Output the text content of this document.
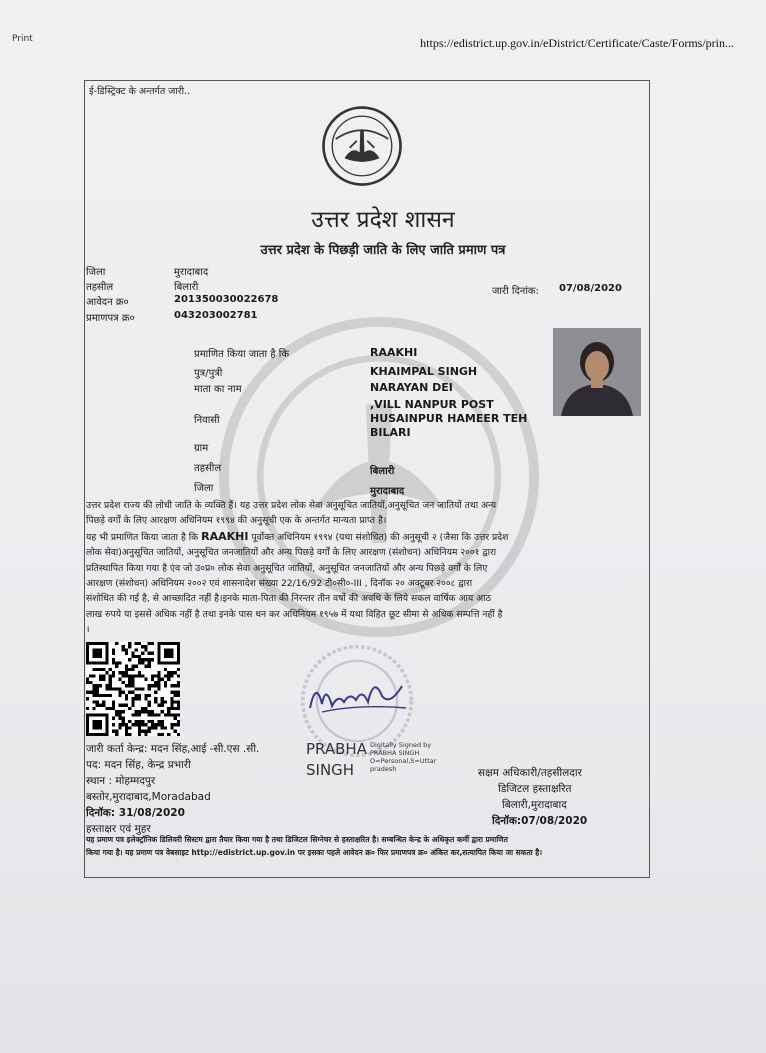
Print	https://edistrict.up.gov.in/eDistrict/Certificate/Caste/Forms/prin...
ई-डिस्ट्रिक्ट के अन्तर्गत जारी..
उत्तर प्रदेश शासन
उत्तर प्रदेश के पिछड़ी जाति के लिए जाति प्रमाण पत्र
जिला	मुरादाबाद
तहसील	बिलारी
आवेदन क्र०	201350030022678
प्रमाणपत्र क्र०	043203002781
जारी दिनांक: 07/08/2020
प्रमाणित किया जाता है कि	RAAKHI
पुत्र/पुत्री	KHAIMPAL SINGH
माता का नाम	NARAYAN DEI
,VILL NANPUR POST
निवासी	HUSAINPUR HAMEER TEH
BILARI
ग्राम
तहसील	बिलारी
जिला	मुरादाबाद
उत्तर प्रदेश राज्य की लोधी जाति के व्यक्ति हैं। यह उत्तर प्रदेश लोक सेवा अनुसूचित जातियों,अनुसूचित जन जातियों तथा अन्य
पिछड़े वर्गों के लिए आरक्षण अधिनियम १९९४ की अनुसूची एक के अन्तर्गत मान्यता प्राप्त है।
यह भी प्रमाणित किया जाता है कि RAAKHI पूर्वोक्त अधिनियम १९९४ (यथा संशोधित) की अनुसूची २ (जैसा कि उत्तर प्रदेश
लोक सेवा)अनुसूचित जातियों, अनुसूचित जनजातियों और अन्य पिछड़े वर्गों के लिए आरक्षण (संशोधन) अधिनियम २००१ द्वारा
प्रतिस्थापित किया गया है एंव जो उ०प्र० लोक सेवा अनुसूचित जातियों, अनुसूचित जनजातियों और अन्य पिछड़े वर्गों के लिए
आरक्षण (संशोधन) अधिनियम २००२ एवं शासनादेश संख्या 22/16/92 टी०सी०-III , दिनॉक २० अक्टूबर २००८ द्वारा
संशोधित की गई है, से आच्छादित नहीं है।इनके माता-पिता की निरन्तर तीन वर्षो की अवधि के लिये सकल वार्षिक आय आठ
लाख रुपये या इससे अधिक नहीं है तथा इनके पास धन कर अधिनियम १९५७ में यथा विहित छूट सीमा से अधिक सम्पत्ति नहीं है
।
PRABHA
SINGH
Digitally Signed by
PRABHA SINGH
O=Personal,S=Uttar
pradesh
जारी कर्ता केन्द्र: मदन सिंह,आई -सी.एस .सी.
पद: मदन सिंह, केन्द्र प्रभारी
स्थान : मोहम्मदपुर
बस्तोर,मुरादाबाद,Moradabad
दिनॉक: 31/08/2020
हस्ताक्षर एवं मुहर
सक्षम अधिकारी/तहसीलदार
डिजिटल हस्ताक्षरित
बिलारी,मुरादाबाद
दिनॉक:07/08/2020
यह प्रमाण पत्र इलेक्ट्रॉनिक डिलिवरी सिस्टम द्वारा तैयार किया गया है तथा डिजिटल सिग्नेचर से हस्ताक्षरित है। सम्बन्धित केन्द्र के अधिकृत कर्मी द्वारा प्रमाणित
किया गया है। यह प्रमाण पत्र वेबसाइट http://edistrict.up.gov.in पर इसका पहले आवेदन क्र० फिर प्रमाणपत्र क्र० अंकित कर,सत्यापित किया जा सकता है।
